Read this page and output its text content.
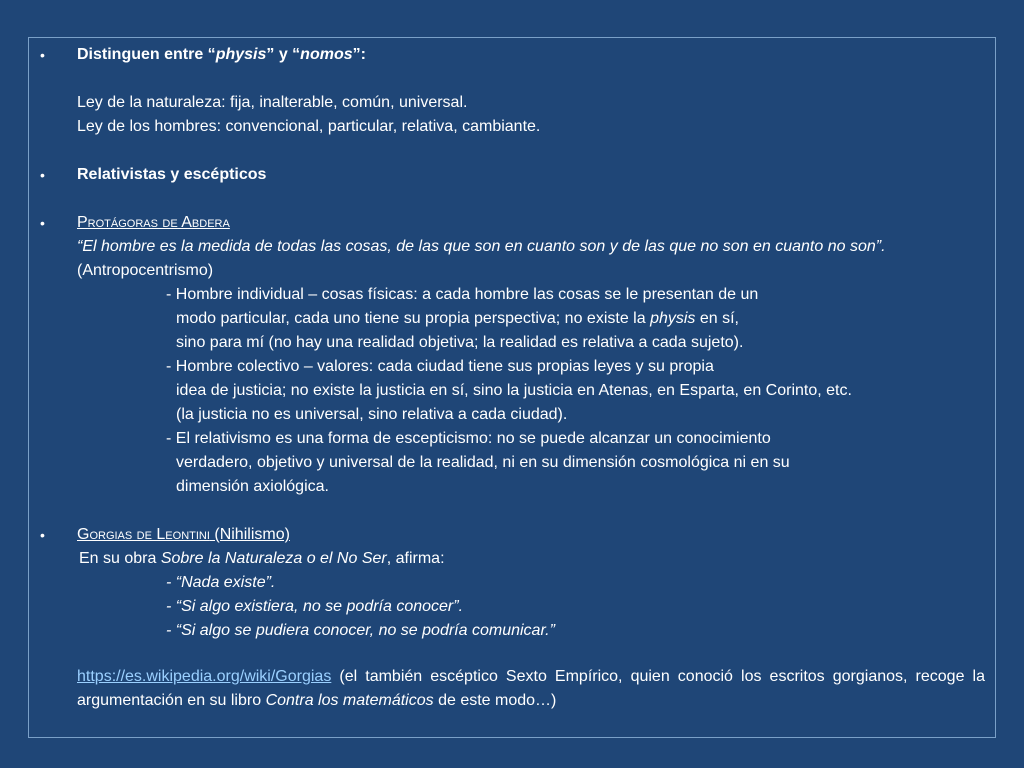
• Distinguen entre “physis” y “nomos”:
Ley de la naturaleza: fija, inalterable, común, universal.
Ley de los hombres: convencional, particular, relativa, cambiante.
• Relativistas y escépticos
• Protágoras de Abdera
“El hombre es la medida de todas las cosas, de las que son en cuanto son y de las que no son en cuanto no son”.
(Antropocentrismo)
- Hombre individual – cosas físicas: a cada hombre las cosas se le presentan de un
modo particular, cada uno tiene su propia perspectiva; no existe la physis en sí,
sino para mí (no hay una realidad objetiva; la realidad es relativa a cada sujeto).
- Hombre colectivo – valores: cada ciudad tiene sus propias leyes y su propia
idea de justicia; no existe la justicia en sí, sino la justicia en Atenas, en Esparta, en Corinto, etc.
(la justicia no es universal, sino relativa a cada ciudad).
- El relativismo es una forma de escepticismo: no se puede alcanzar un conocimiento
verdadero, objetivo y universal de la realidad, ni en su dimensión cosmológica ni en su
dimensión axiológica.
• Gorgias de Leontini (Nihilismo)
En su obra Sobre la Naturaleza o el No Ser, afirma:
- “Nada existe”.
- “Si algo existiera, no se podría conocer”.
- “Si algo se pudiera conocer, no se podría comunicar.”
https://es.wikipedia.org/wiki/Gorgias (el también escéptico Sexto Empírico, quien conoció los escritos gorgianos, recoge la argumentación en su libro Contra los matemáticos de este modo…)
